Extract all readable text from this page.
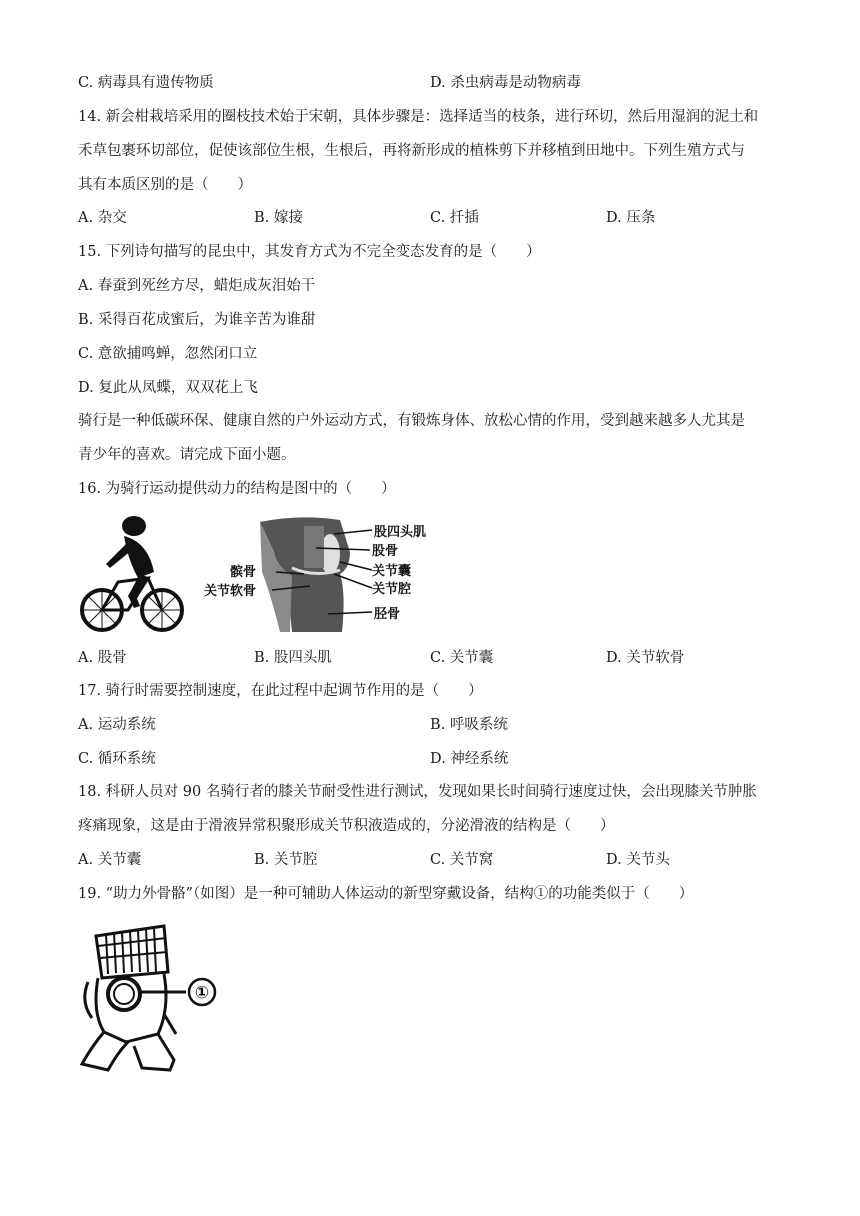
C. 病毒具有遗传物质	D. 杀虫病毒是动物病毒
14. 新会柑栽培采用的圈枝技术始于宋朝，具体步骤是：选择适当的枝条，进行环切，然后用湿润的泥土和
禾草包裹环切部位，促使该部位生根，生根后，再将新形成的植株剪下并移植到田地中。下列生殖方式与
其有本质区别的是（　　）
A. 杂交	B. 嫁接	C. 扦插	D. 压条
15. 下列诗句描写的昆虫中，其发育方式为不完全变态发育的是（　　）
A. 春蚕到死丝方尽，蜡炬成灰泪始干
B. 采得百花成蜜后，为谁辛苦为谁甜
C. 意欲捕鸣蝉，忽然闭口立
D. 复此从凤蝶，双双花上飞
骑行是一种低碳环保、健康自然的户外运动方式，有锻炼身体、放松心情的作用，受到越来越多人尤其是
青少年的喜欢。请完成下面小题。
16. 为骑行运动提供动力的结构是图中的（　　）
股四头肌
股骨
关节囊
关节腔
胫骨
髌骨
关节软骨
A. 股骨	B. 股四头肌	C. 关节囊	D. 关节软骨
17. 骑行时需要控制速度，在此过程中起调节作用的是（　　）
A. 运动系统	B. 呼吸系统
C. 循环系统	D. 神经系统
18. 科研人员对 90 名骑行者的膝关节耐受性进行测试，发现如果长时间骑行速度过快，会出现膝关节肿胀
疼痛现象，这是由于滑液异常积聚形成关节积液造成的，分泌滑液的结构是（　　）
A. 关节囊	B. 关节腔	C. 关节窝	D. 关节头
19. “助力外骨骼”（如图）是一种可辅助人体运动的新型穿戴设备，结构①的功能类似于（　　）
①
